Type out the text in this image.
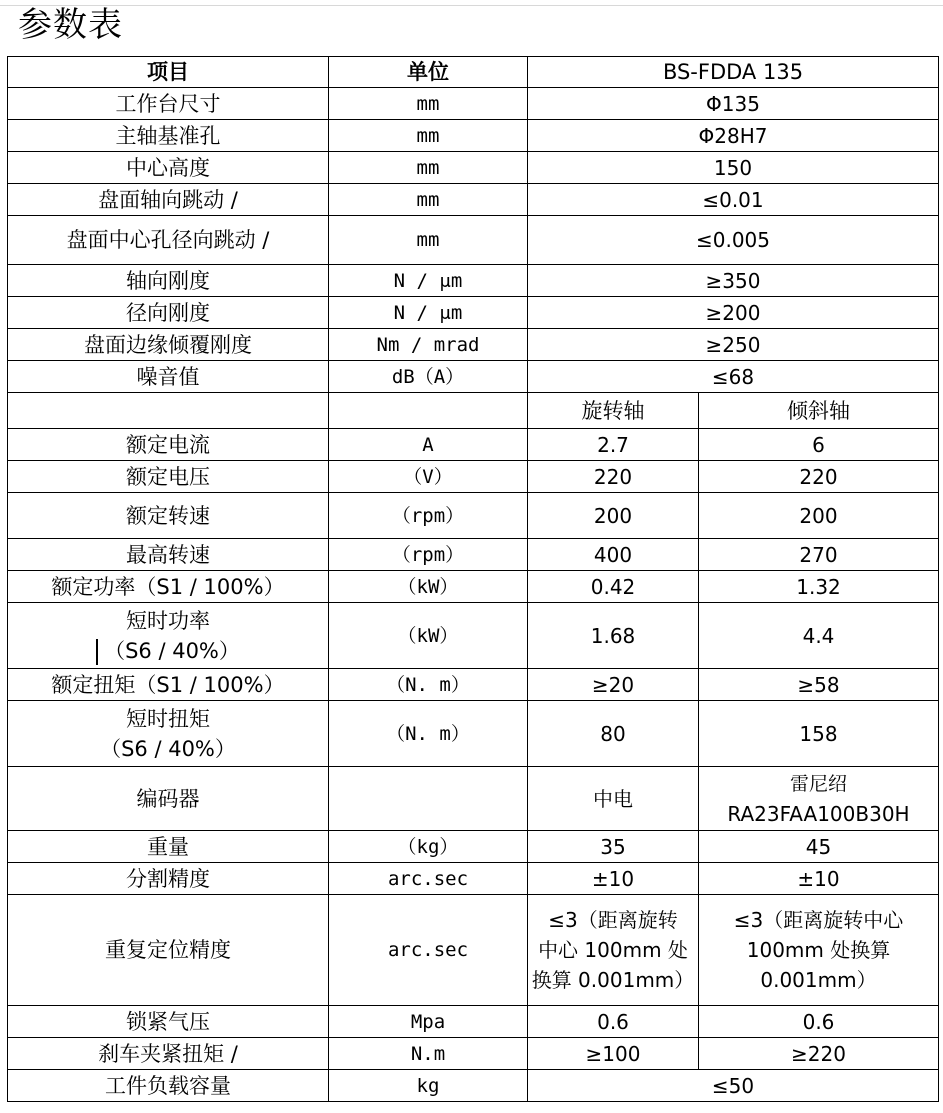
参数表
项目	单位	BS-FDDA 135	
工作台尺寸	mm	Φ135	
主轴基准孔	mm	Φ28H7	
中心高度	mm	150	
盘面轴向跳动 /	mm	≤0.01	
盘面中心孔径向跳动 /	mm	≤0.005	
轴向刚度	N / μm	≥350	
径向刚度	N / μm	≥200	
盘面边缘倾覆刚度	Nm / mrad	≥250	
噪音值	dB（A）	≤68	
		旋转轴	倾斜轴
额定电流	A	2.7	6
额定电压	（V）	220	220
额定转速	（rpm）	200	200
最高转速	（rpm）	400	270
额定功率（S1 / 100%）	（kW）	0.42	1.32

短时功率
（S6 / 40%）	（kW）	1.68	4.4
额定扭矩（S1 / 100%）	（N. m）	≥20	≥58

短时扭矩
（S6 / 40%）	（N. m）	80	158
编码器		中电	雷尼绍
RA23FAA100B30H

重量	（kg）	35	45
分割精度	arc.sec	±10	±10
重复定位精度	arc.sec	≤3（距离旋转
中心 100mm 处
换算 0.001mm）	≤3（距离旋转中心
100mm 处换算
0.001mm）

锁紧气压	Mpa	0.6	0.6
刹车夹紧扭矩 /	N.m	≥100	≥220
工件负载容量	kg	≤50	
